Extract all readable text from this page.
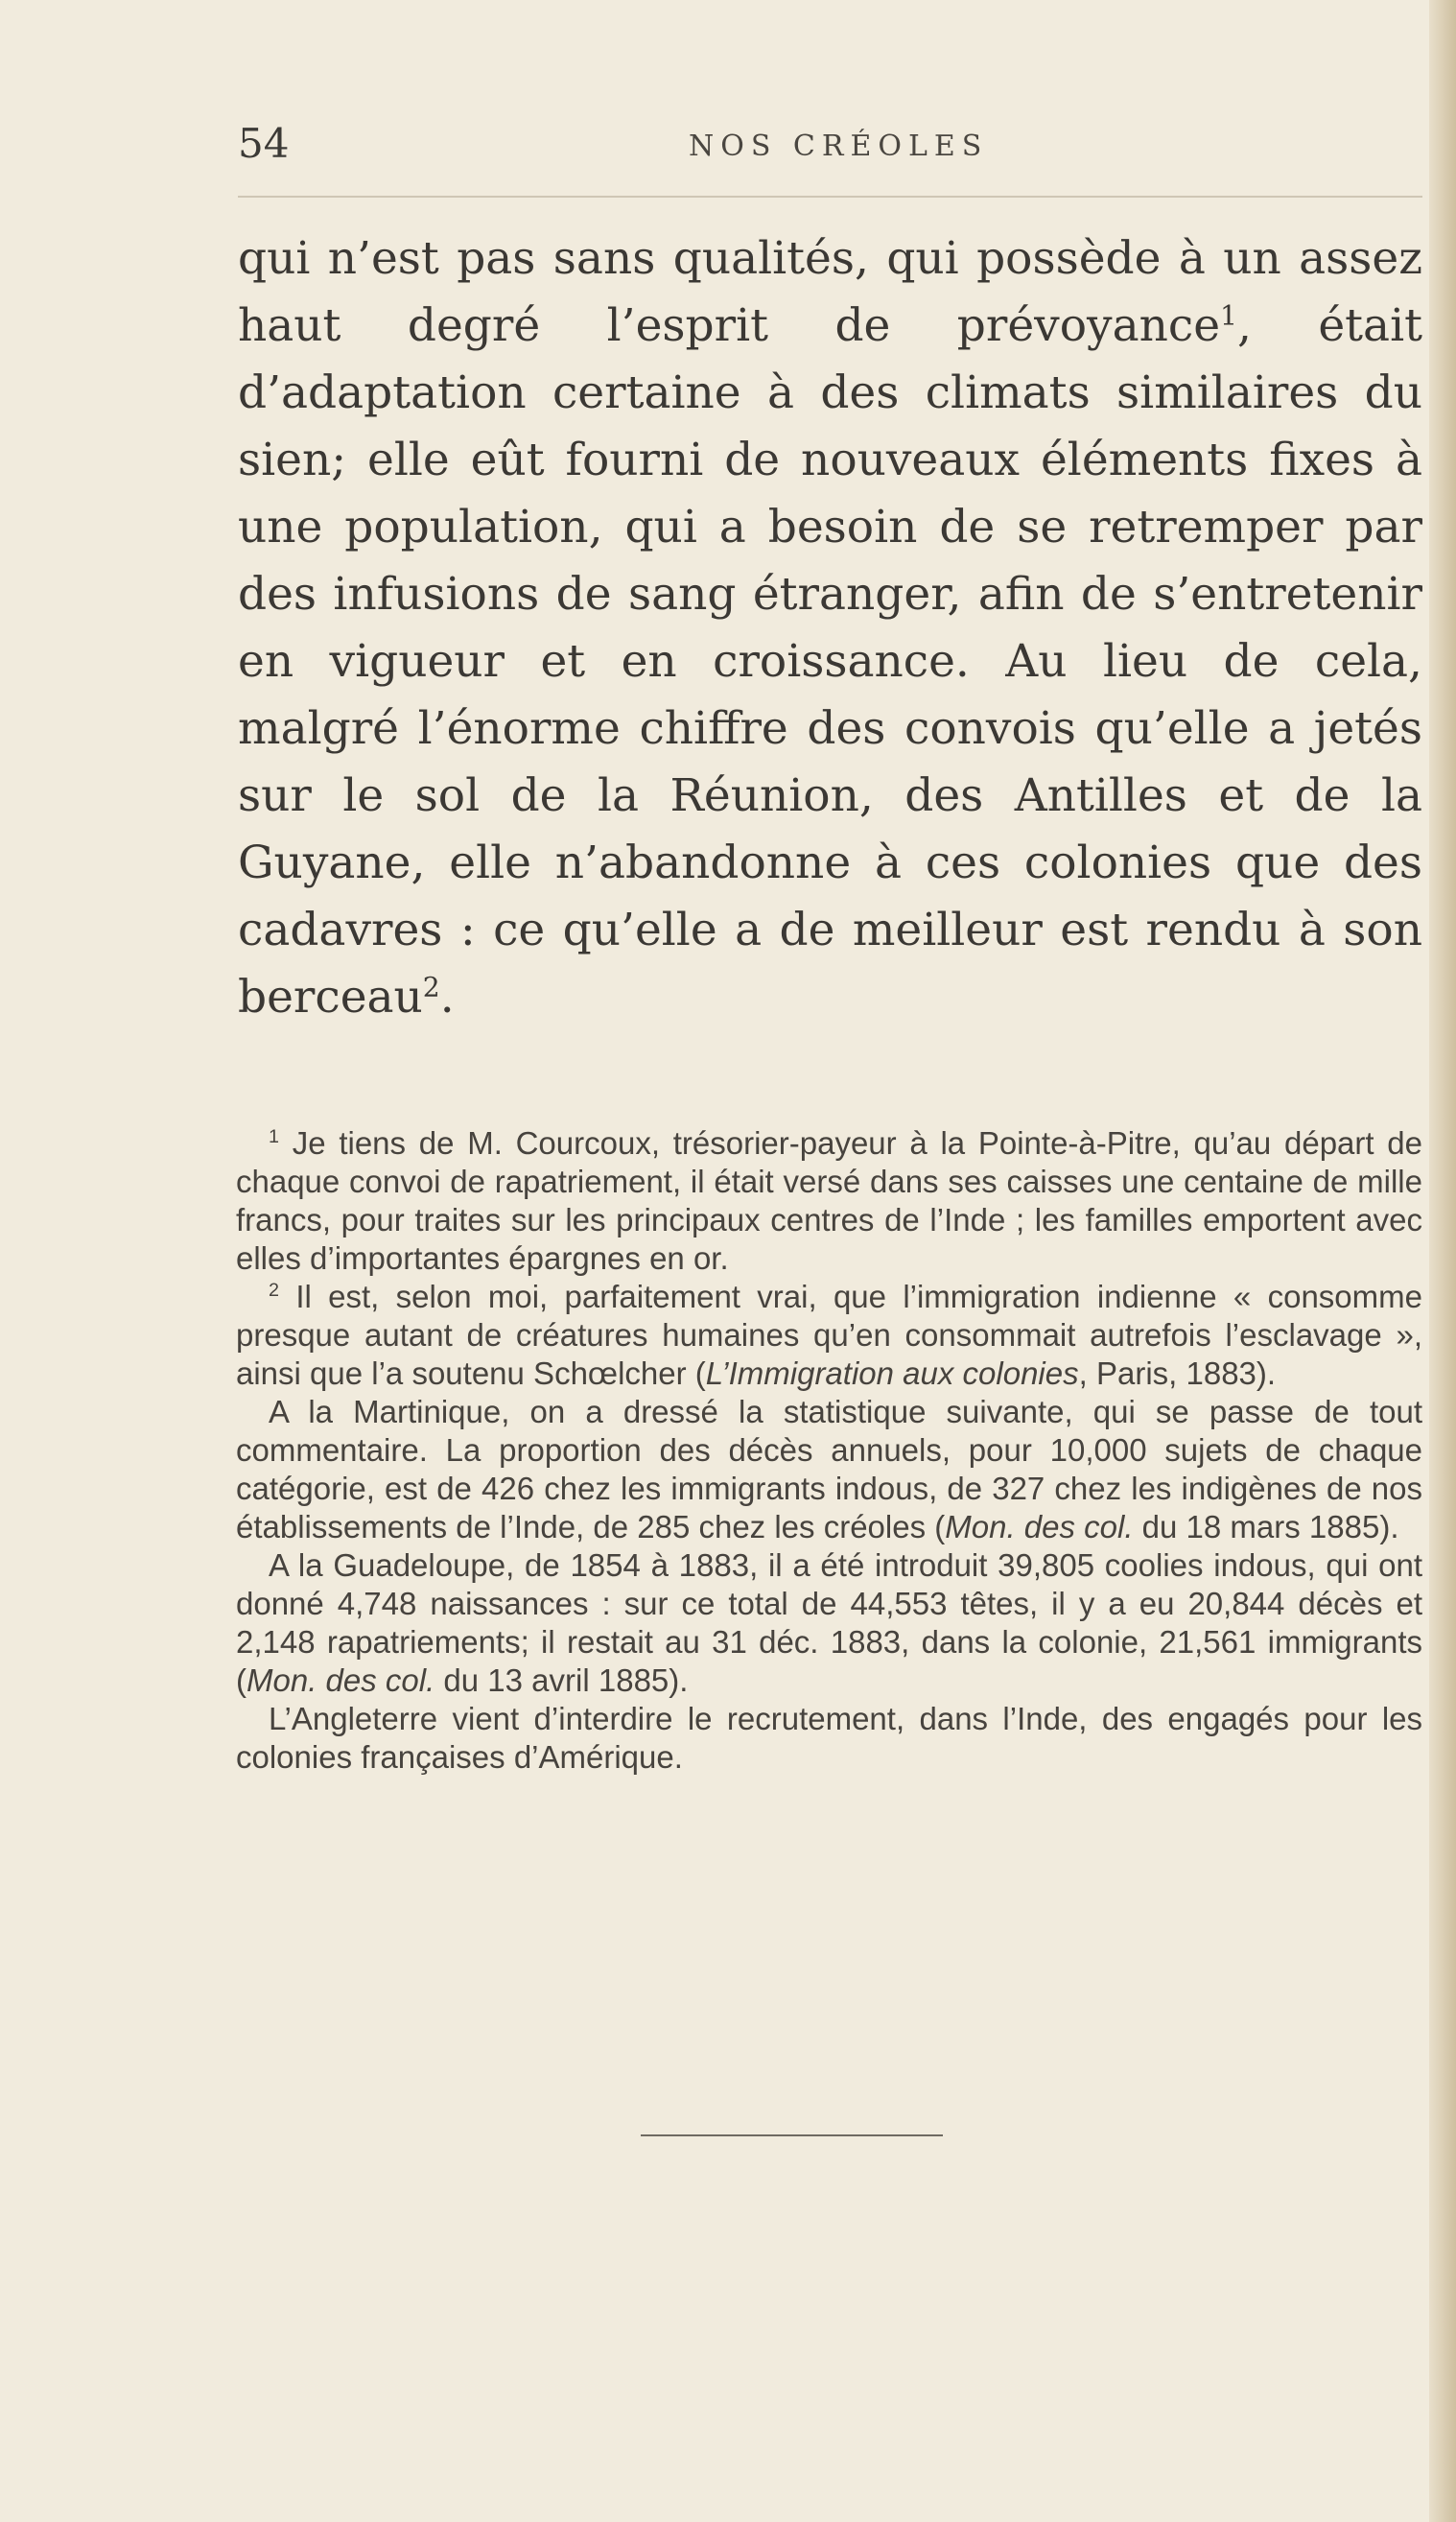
54	NOS CRÉOLES

qui n’est pas sans qualités, qui possède à un assez haut degré l’esprit de prévoyance$^1$, était d’adaptation certaine à des climats similaires du sien; elle eût fourni de nouveaux éléments fixes à une population, qui a besoin de se retremper par des infusions de sang étranger, afin de s’entretenir en vigueur et en croissance. Au lieu de cela, malgré l’énorme chiffre des convois qu’elle a jetés sur le sol de la Réunion, des Antilles et de la Guyane, elle n’abandonne à ces colonies que des cadavres : ce qu’elle a de meilleur est rendu à son berceau$^2$.

$^1$ Je tiens de M. Courcoux, trésorier-payeur à la Pointe-à-Pitre, qu’au départ de chaque convoi de rapatriement, il était versé dans ses caisses une centaine de mille francs, pour traites sur les principaux centres de l’Inde ; les familles emportent avec elles d’importantes épargnes en or.

$^2$ Il est, selon moi, parfaitement vrai, que l’immigration indienne « consomme presque autant de créatures humaines qu’en consommait autrefois l’esclavage », ainsi que l’a soutenu Schœlcher (L’Immigration aux colonies, Paris, 1883).

A la Martinique, on a dressé la statistique suivante, qui se passe de tout commentaire. La proportion des décès annuels, pour 10,000 sujets de chaque catégorie, est de 426 chez les immigrants indous, de 327 chez les indigènes de nos établissements de l’Inde, de 285 chez les créoles (Mon. des col. du 18 mars 1885).

A la Guadeloupe, de 1854 à 1883, il a été introduit 39,805 coolies indous, qui ont donné 4,748 naissances : sur ce total de 44,553 têtes, il y a eu 20,844 décès et 2,148 rapatriements; il restait au 31 déc. 1883, dans la colonie, 21,561 immigrants (Mon. des col. du 13 avril 1885).

L’Angleterre vient d’interdire le recrutement, dans l’Inde, des engagés pour les colonies françaises d’Amérique.
